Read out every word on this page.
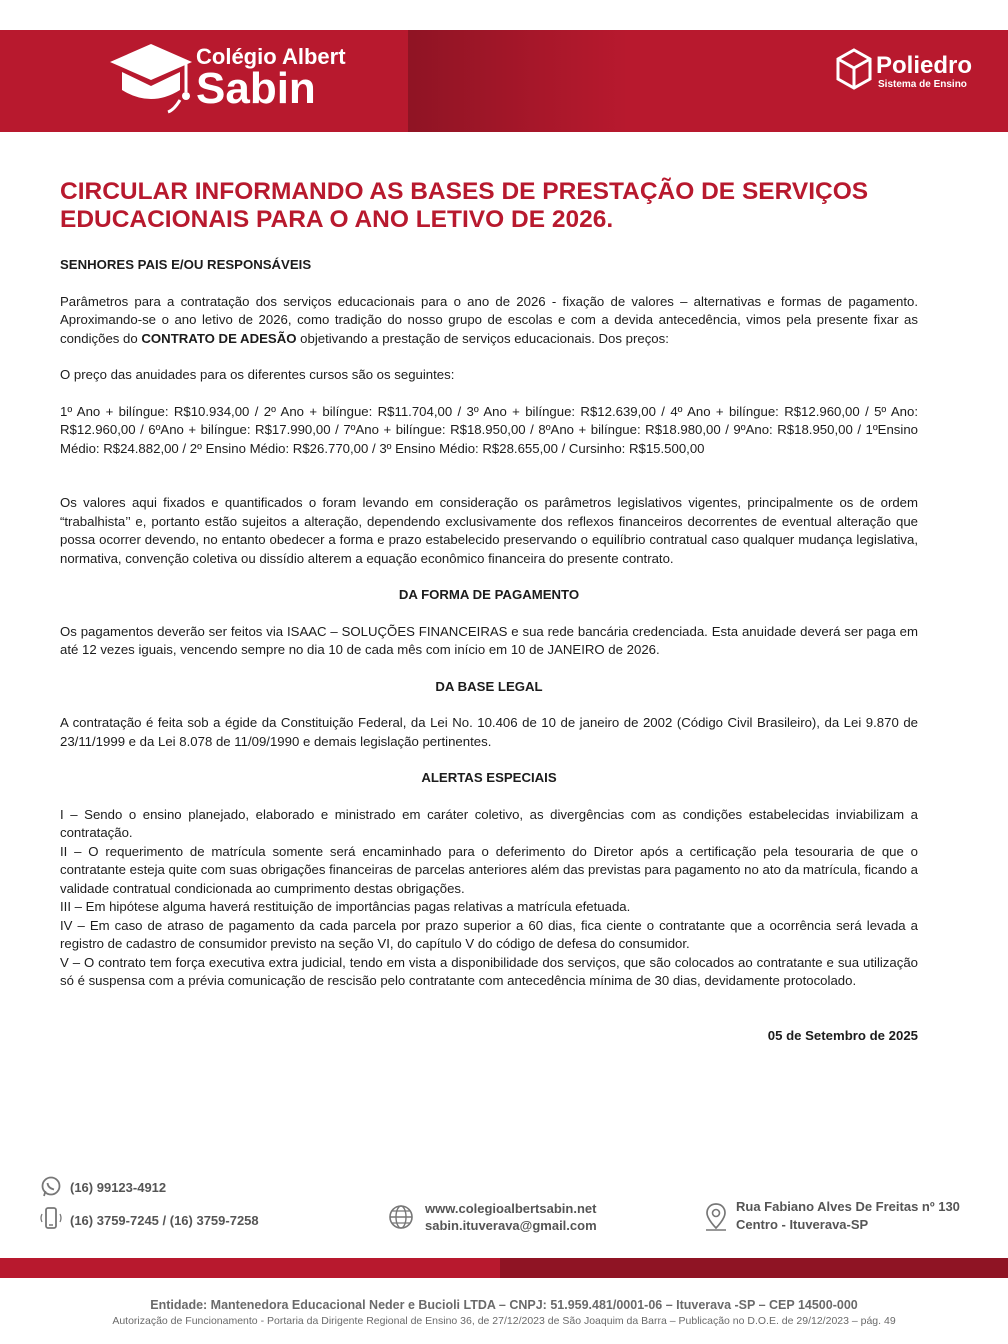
Colégio Albert
Sabin	Poliedro
Sistema de Ensino
CIRCULAR INFORMANDO AS BASES DE PRESTAÇÃO DE SERVIÇOS
EDUCACIONAIS PARA O ANO LETIVO DE 2026.

SENHORES PAIS E/OU RESPONSÁVEIS

Parâmetros para a contratação dos serviços educacionais para o ano de 2026 - fixação de valores – alternativas e formas de pagamento. Aproximando-se o ano letivo de 2026, como tradição do nosso grupo de escolas e com a devida antecedência, vimos pela presente fixar as condições do CONTRATO DE ADESÃO objetivando a prestação de serviços educacionais. Dos preços:

O preço das anuidades para os diferentes cursos são os seguintes:

1º Ano + bilíngue: R$10.934,00 / 2º Ano + bilíngue: R$11.704,00 / 3º Ano + bilíngue: R$12.639,00 / 4º Ano + bilíngue: R$12.960,00 / 5º Ano: R$12.960,00 / 6ºAno + bilíngue: R$17.990,00 / 7ºAno + bilíngue: R$18.950,00 / 8ºAno + bilíngue: R$18.980,00 / 9ºAno: R$18.950,00 / 1ºEnsino Médio: R$24.882,00 / 2º Ensino Médio: R$26.770,00 / 3º Ensino Médio: R$28.655,00 / Cursinho: R$15.500,00

Os valores aqui fixados e quantificados o foram levando em consideração os parâmetros legislativos vigentes, principalmente os de ordem “trabalhista’’ e, portanto estão sujeitos a alteração, dependendo exclusivamente dos reflexos financeiros decorrentes de eventual alteração que possa ocorrer devendo, no entanto obedecer a forma e prazo estabelecido preservando o equilíbrio contratual caso qualquer mudança legislativa, normativa, convenção coletiva ou dissídio alterem a equação econômico financeira do presente contrato.

DA FORMA DE PAGAMENTO

Os pagamentos deverão ser feitos via ISAAC – SOLUÇÕES FINANCEIRAS e sua rede bancária credenciada. Esta anuidade deverá ser paga em até 12 vezes iguais, vencendo sempre no dia 10 de cada mês com início em 10 de JANEIRO de 2026.

DA BASE LEGAL

A contratação é feita sob a égide da Constituição Federal, da Lei No. 10.406 de 10 de janeiro de 2002 (Código Civil Brasileiro), da Lei 9.870 de 23/11/1999 e da Lei 8.078 de 11/09/1990 e demais legislação pertinentes.

ALERTAS ESPECIAIS

I – Sendo o ensino planejado, elaborado e ministrado em caráter coletivo, as divergências com as condições estabelecidas inviabilizam a contratação.

II – O requerimento de matrícula somente será encaminhado para o deferimento do Diretor após a certificação pela tesouraria de que o contratante esteja quite com suas obrigações financeiras de parcelas anteriores além das previstas para pagamento no ato da matrícula, ficando a validade contratual condicionada ao cumprimento destas obrigações.

III – Em hipótese alguma haverá restituição de importâncias pagas relativas a matrícula efetuada.

IV – Em caso de atraso de pagamento da cada parcela por prazo superior a 60 dias, fica ciente o contratante que a ocorrência será levada a registro de cadastro de consumidor previsto na seção VI, do capítulo V do código de defesa do consumidor.

V – O contrato tem força executiva extra judicial, tendo em vista a disponibilidade dos serviços, que são colocados ao contratante e sua utilização só é suspensa com a prévia comunicação de rescisão pelo contratante com antecedência mínima de 30 dias, devidamente protocolado.

05 de Setembro de 2025

(16) 99123-4912
(16) 3759-7245 / (16) 3759-7258
www.colegioalbertsabin.net
sabin.ituverava@gmail.com
Rua Fabiano Alves De Freitas nº 130
Centro - Ituverava-SP
Entidade: Mantenedora Educacional Neder e Bucioli LTDA – CNPJ: 51.959.481/0001-06 – Ituverava -SP – CEP 14500-000
Autorização de Funcionamento - Portaria da Dirigente Regional de Ensino 36, de 27/12/2023 de São Joaquim da Barra – Publicação no D.O.E. de 29/12/2023 – pág. 49
